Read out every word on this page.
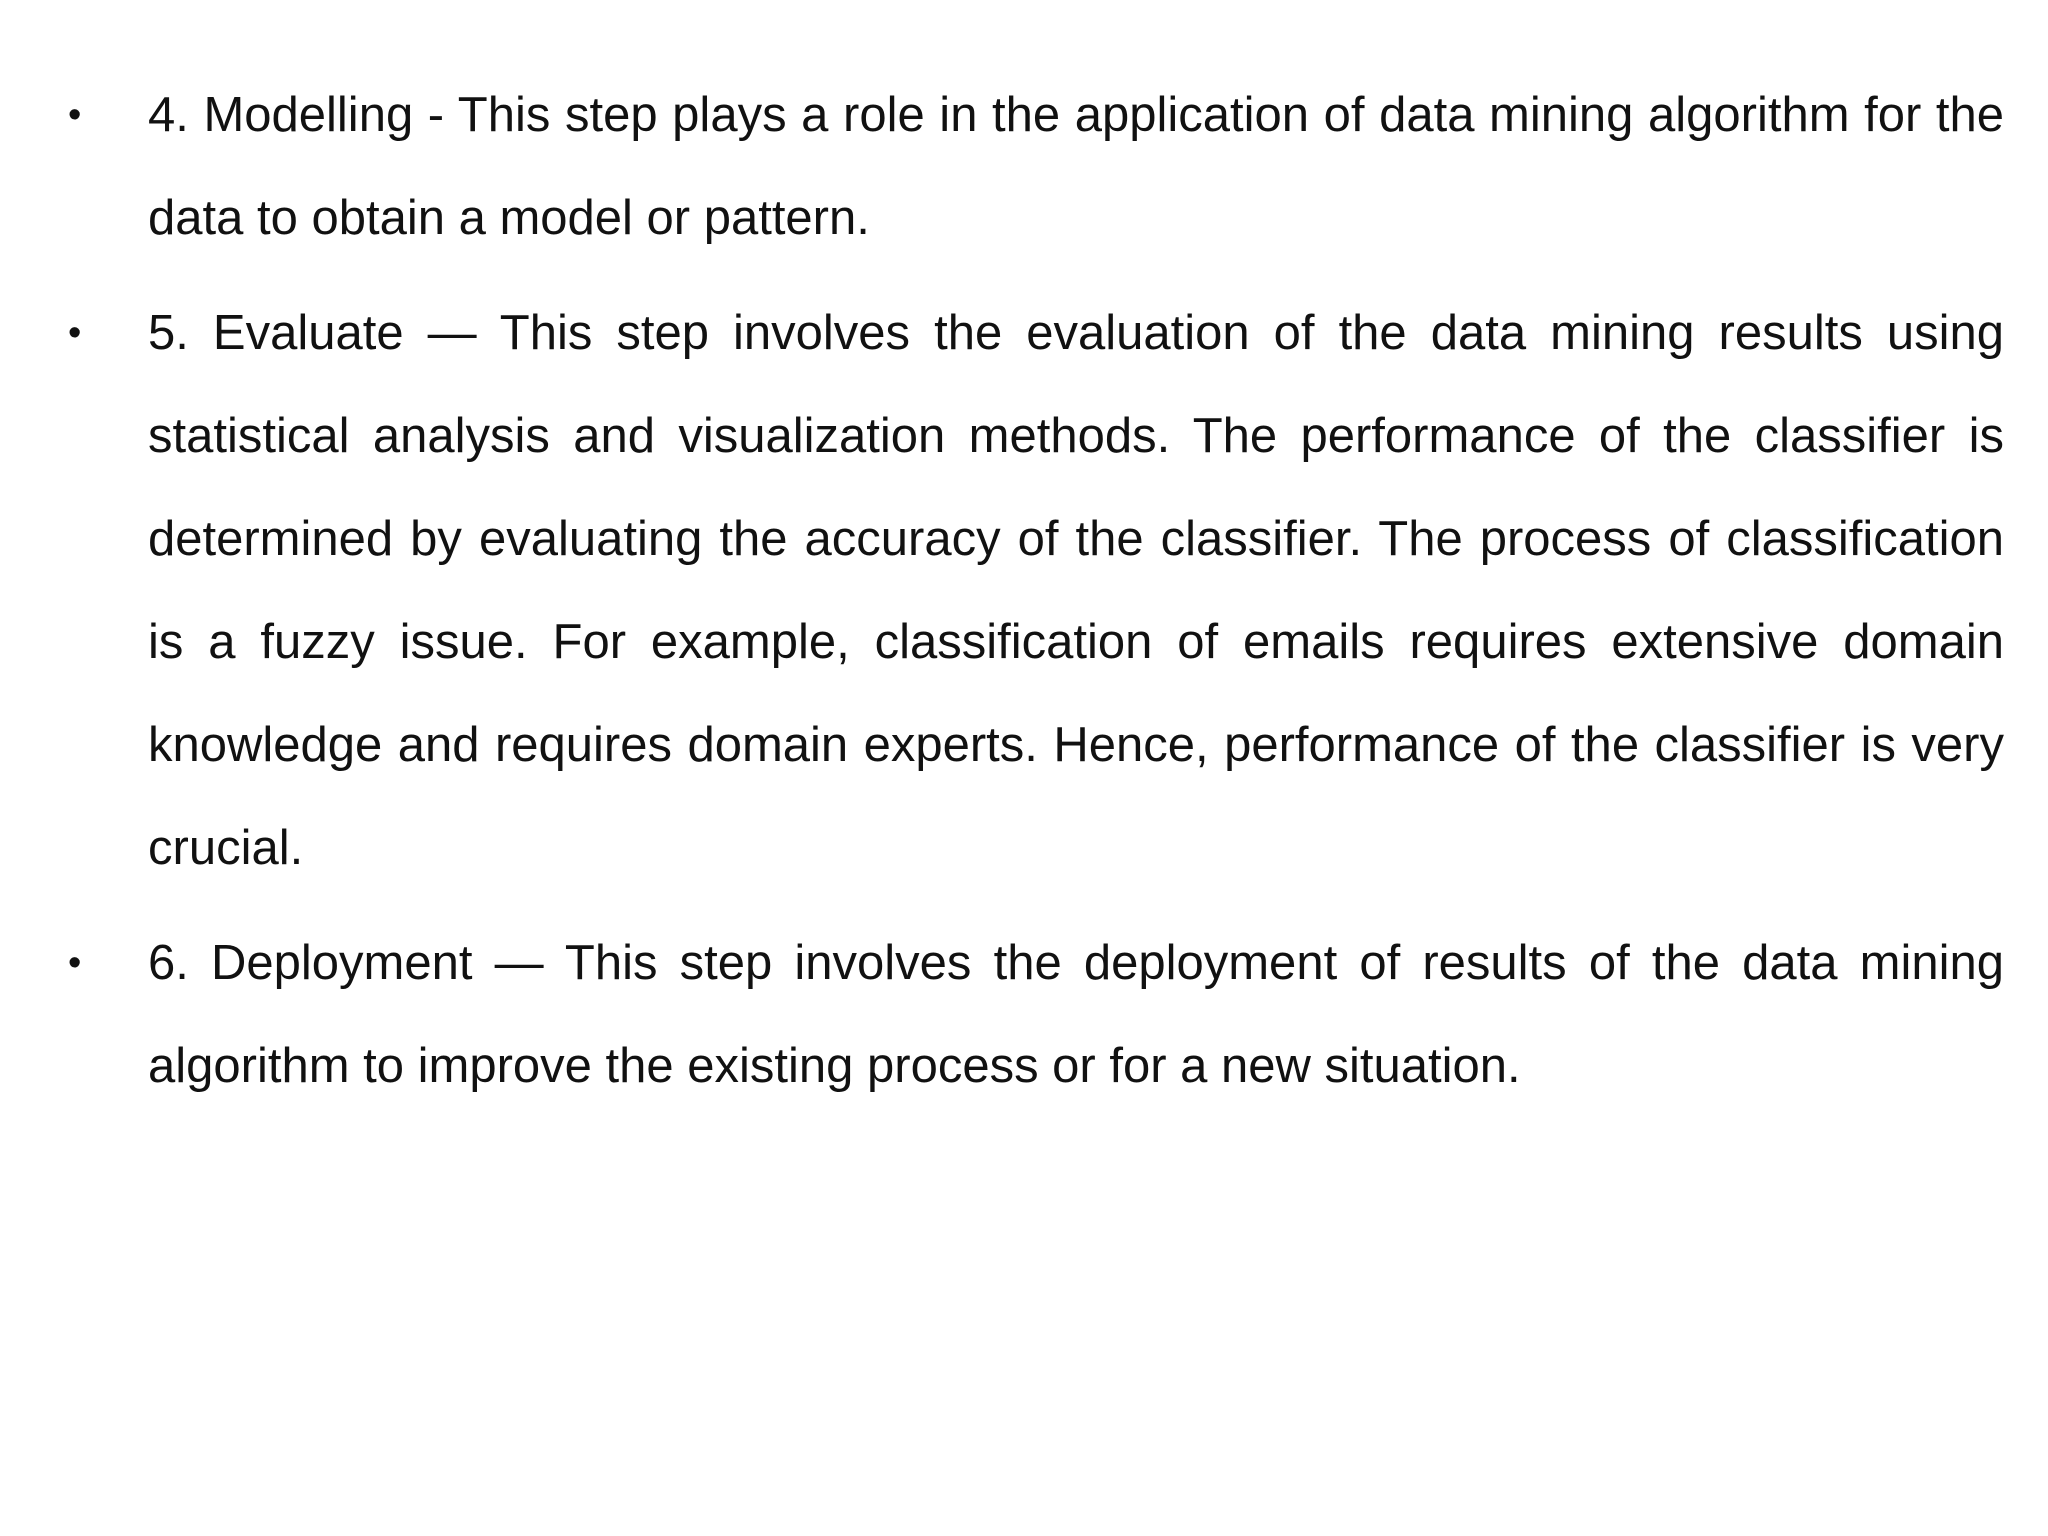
•	4. Modelling - This step plays a role in the application of data mining algorithm for the data to obtain a model or pattern.

•	5. Evaluate — This step involves the evaluation of the data mining results using statistical analysis and visualization methods. The performance of the classifier is determined by evaluating the accuracy of the classifier. The process of classification is a fuzzy issue. For example, classification of emails requires extensive domain knowledge and requires domain experts. Hence, performance of the classifier is very crucial.

•	6. Deployment — This step involves the deployment of results of the data mining algorithm to improve the existing process or for a new situation.
